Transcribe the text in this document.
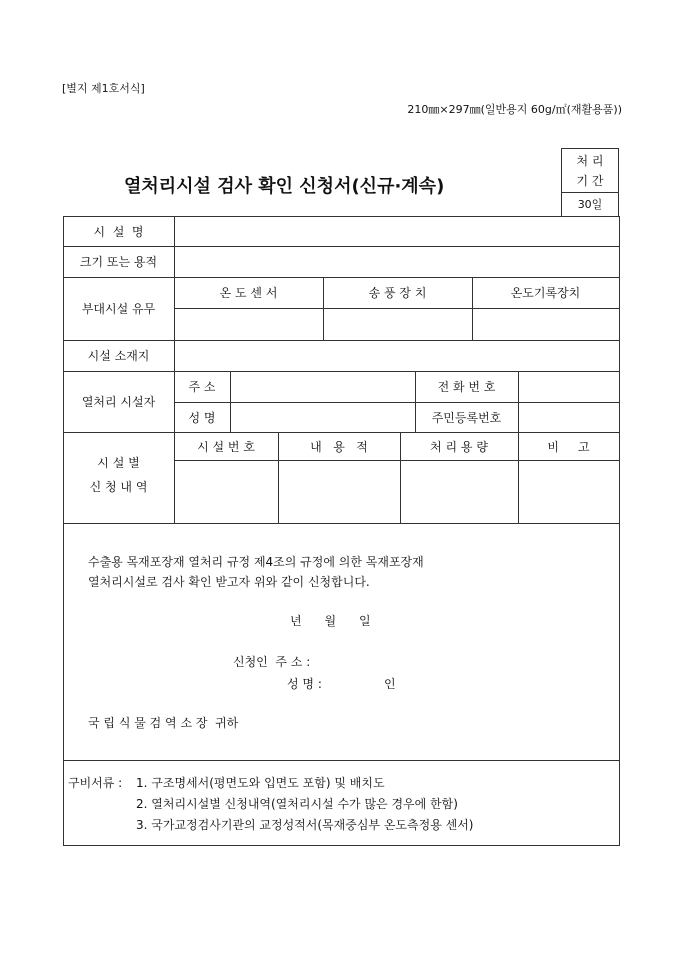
[별지 제1호서식]
210㎜×297㎜(일반용지 60g/㎡(재활용품))
열처리시설 검사 확인 신청서(신규·계속)
처 리
기 간
30일
시  설  명
크기 또는 용적
부대시설 유무
온 도 센 서	송 풍 장 치	온도기록장치
시설 소재지
열처리 시설자
주 소	전 화 번 호
성 명	주민등록번호
시 설 별
신 청 내 역
시 설 번 호	내   용   적	처 리 용 량	비     고
수출용 목재포장재 열처리 규정 제4조의 규정에 의한 목재포장재
열처리시설로 검사 확인 받고자 위와 같이 신청합니다.
년      월      일
신청인  주 소 :
성 명 :	인
국 립 식 물 검 역 소 장  귀하
구비서류 : 1. 구조명세서(평면도와 입면도 포함) 및 배치도
2. 열처리시설별 신청내역(열처리시설 수가 많은 경우에 한함)
3. 국가교정검사기관의 교정성적서(목재중심부 온도측정용 센서)
